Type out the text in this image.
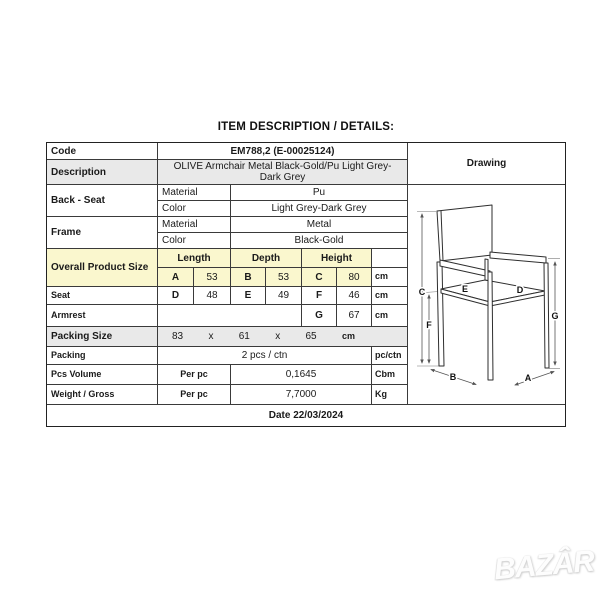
ITEM DESCRIPTION / DETAILS:
Code	EM788,2 (E-00025124)
Drawing
Description
OLIVE Armchair Metal Black-Gold/Pu Light Grey-Dark Grey
Back - Seat
Material	Pu
Color	Light Grey-Dark Grey
Frame
Material	Metal
Color	Black-Gold
Overall Product Size
Length	Depth	Height
A	53	B	53	C	80	cm
Seat	D	48	E	49	F	46	cm
Armrest	G	67	cm
Packing Size	83	x	61	x	65	cm
Packing	2 pcs / ctn	pc/ctn
Pcs Volume	Per pc	0,1645	Cbm
Weight / Gross	Per pc	7,7000	Kg
Date 22/03/2024
C
F
G
E	D
B	A
BAZÂR
